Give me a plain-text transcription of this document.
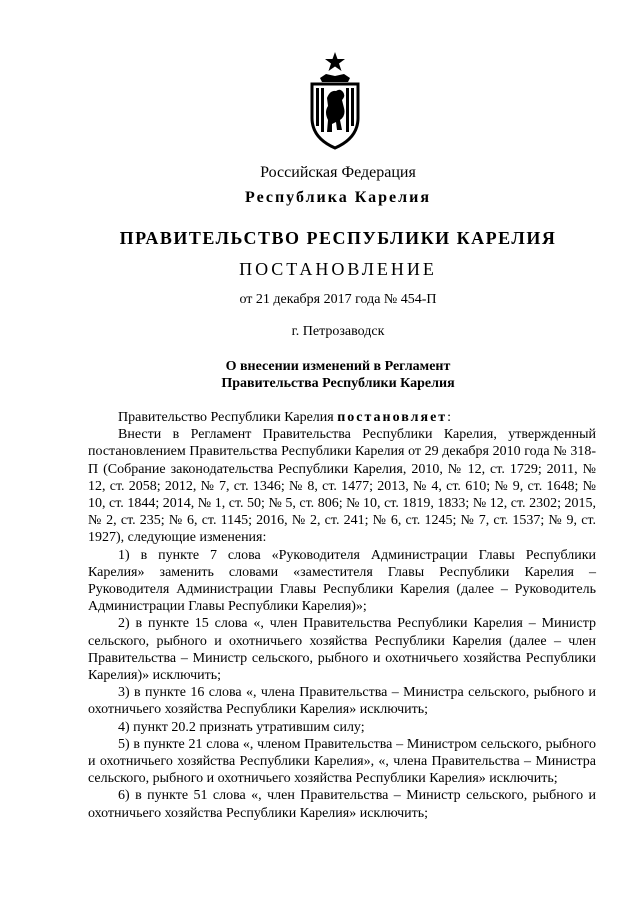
Российская Федерация
Республика Карелия
ПРАВИТЕЛЬСТВО РЕСПУБЛИКИ КАРЕЛИЯ
ПОСТАНОВЛЕНИЕ
от 21 декабря 2017 года № 454-П
г. Петрозаводск
О внесении изменений в Регламент
Правительства Республики Карелия

Правительство Республики Карелия постановляет:

Внести в Регламент Правительства Республики Карелия, утвержденный постановлением Правительства Республики Карелия от 29 декабря 2010 года № 318-П (Собрание законодательства Республики Карелия, 2010, № 12, ст. 1729; 2011, № 12, ст. 2058; 2012, № 7, ст. 1346; № 8, ст. 1477; 2013, № 4, ст. 610; № 9, ст. 1648; № 10, ст. 1844; 2014, № 1, ст. 50; № 5, ст. 806; № 10, ст. 1819, 1833; № 12, ст. 2302; 2015, № 2, ст. 235; № 6, ст. 1145; 2016, № 2, ст. 241; № 6, ст. 1245; № 7, ст. 1537; № 9, ст. 1927), следующие изменения:

1) в пункте 7 слова «Руководителя Администрации Главы Республики Карелия» заменить словами «заместителя Главы Республики Карелия – Руководителя Администрации Главы Республики Карелия (далее – Руководитель Администрации Главы Республики Карелия)»;

2) в пункте 15 слова «, член Правительства Республики Карелия – Министр сельского, рыбного и охотничьего хозяйства Республики Карелия (далее – член Правительства – Министр сельского, рыбного и охотничьего хозяйства Республики Карелия)» исключить;

3) в пункте 16 слова «, члена Правительства – Министра сельского, рыбного и охотничьего хозяйства Республики Карелия» исключить;

4) пункт 20.2 признать утратившим силу;

5) в пункте 21 слова «, членом Правительства – Министром сельского, рыбного и охотничьего хозяйства Республики Карелия», «, члена Правительства – Министра сельского, рыбного и охотничьего хозяйства Республики Карелия» исключить;

6) в пункте 51 слова «, член Правительства – Министр сельского, рыбного и охотничьего хозяйства Республики Карелия» исключить;
